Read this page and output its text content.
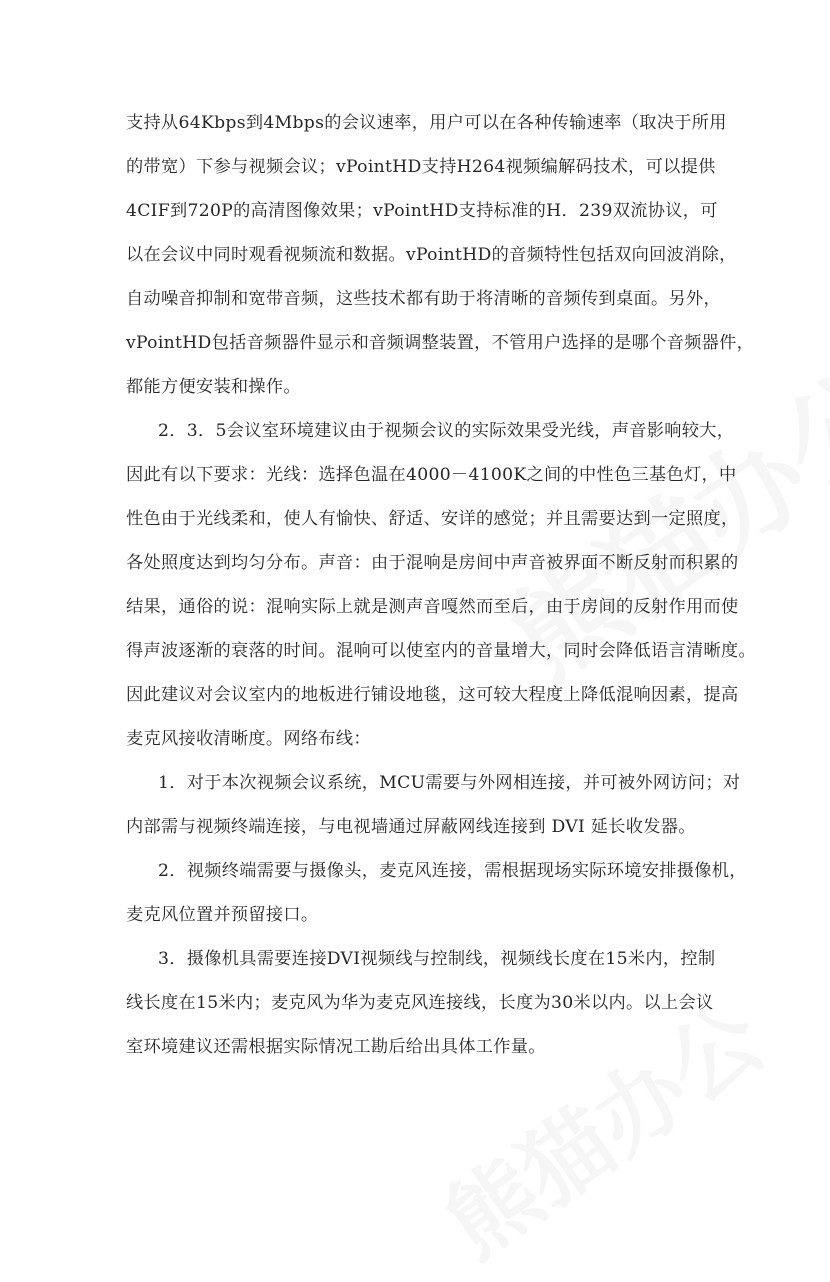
支 持 从 64Kbps 到 4Mbps 的 会 议 速 率 ， 用 户 可 以 在 各 种 传 输 速 率 （ 取 决 于 所 用
的 带 宽 ） 下 参 与 视 频 会 议 ； vPointHD 支 持 H264 视 频 编 解 码 技 术 ， 可 以 提 供
4CIF 到 720P 的 高 清 图 像 效 果 ； vPointHD 支 持 标 准 的 H ． 239 双 流 协 议 ， 可
以 在 会 议 中 同 时 观 看 视 频 流 和 数 据 。 vPointHD 的 音 频 特 性 包 括 双 向 回 波 消 除 ，
自 动 噪 音 抑 制 和 宽 带 音 频 ， 这 些 技 术 都 有 助 于 将 清 晰 的 音 频 传 到 桌 面 。 另 外 ，
vPointHD 包 括 音 频 器 件 显 示 和 音 频 调 整 装 置 ， 不 管 用 户 选 择 的 是 哪 个 音 频 器 件 ，
都能方便安装和操作。
2 ． 3 ． 5 会 议 室 环 境 建 议 由 于 视 频 会 议 的 实 际 效 果 受 光 线 ， 声 音 影 响 较 大 ，
因 此 有 以 下 要 求 ： 光 线 ： 选 择 色 温 在 4000 － 4100K 之 间 的 中 性 色 三 基 色 灯 ， 中
性 色 由 于 光 线 柔 和 ， 使 人 有 愉 快 、 舒 适 、 安 详 的 感 觉 ； 并 且 需 要 达 到 一 定 照 度 ，
各 处 照 度 达 到 均 匀 分 布 。 声 音 ： 由 于 混 响 是 房 间 中 声 音 被 界 面 不 断 反 射 而 积 累 的
结 果 ， 通 俗 的 说 ： 混 响 实 际 上 就 是 测 声 音 嘎 然 而 至 后 ， 由 于 房 间 的 反 射 作 用 而 使
得 声 波 逐 渐 的 衰 落 的 时 间 。 混 响 可 以 使 室 内 的 音 量 增 大 ， 同 时 会 降 低 语 言 清 晰 度 。
因 此 建 议 对 会 议 室 内 的 地 板 进 行 铺 设 地 毯 ， 这 可 较 大 程 度 上 降 低 混 响 因 素 ， 提 高
麦克风接收清晰度。网络布线：
1 ． 对 于 本 次 视 频 会 议 系 统 ， MCU 需 要 与 外 网 相 连 接 ， 并 可 被 外 网 访 问 ； 对
内部需与视频终端连接，与电视墙通过屏蔽网线连接到 DVI 延长收发器。
2 ． 视 频 终 端 需 要 与 摄 像 头 ， 麦 克 风 连 接 ， 需 根 据 现 场 实 际 环 境 安 排 摄 像 机 ，
麦克风位置并预留接口。
3 ． 摄 像 机 具 需 要 连 接 DVI 视 频 线 与 控 制 线 ， 视 频 线 长 度 在 15 米 内 ， 控 制
线 长 度 在 15 米 内 ； 麦 克 风 为 华 为 麦 克 风 连 接 线 ， 长 度 为 30 米 以 内 。 以 上 会 议
室环境建议还需根据实际情况工勘后给出具体工作量。
